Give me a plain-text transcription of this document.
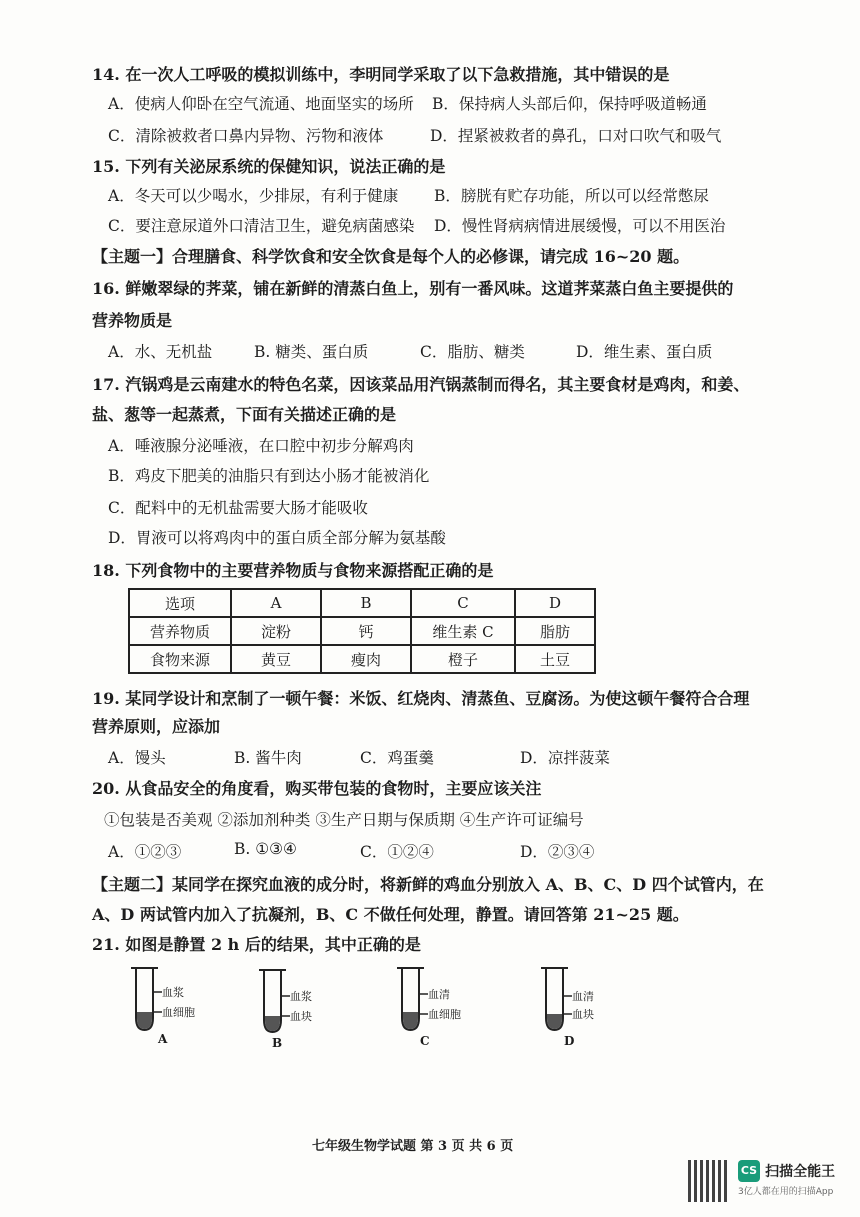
14. 在一次人工呼吸的模拟训练中，李明同学采取了以下急救措施，其中错误的是
A．使病人仰卧在空气流通、地面坚实的场所 B．保持病人头部后仰，保持呼吸道畅通
C．清除被救者口鼻内异物、污物和液体	D．捏紧被救者的鼻孔，口对口吹气和吸气
15. 下列有关泌尿系统的保健知识，说法正确的是
A．冬天可以少喝水，少排尿，有利于健康 B．膀胱有贮存功能，所以可以经常憋尿
C．要注意尿道外口清洁卫生，避免病菌感染 D．慢性肾病病情进展缓慢，可以不用医治
【主题一】合理膳食、科学饮食和安全饮食是每个人的必修课，请完成 16~20 题。
16. 鲜嫩翠绿的荠菜，铺在新鲜的清蒸白鱼上，别有一番风味。这道荠菜蒸白鱼主要提供的
营养物质是
A．水、无机盐	B. 糖类、蛋白质	C．脂肪、糖类	D．维生素、蛋白质
17. 汽锅鸡是云南建水的特色名菜，因该菜品用汽锅蒸制而得名，其主要食材是鸡肉，和姜、
盐、葱等一起蒸煮，下面有关描述正确的是
A．唾液腺分泌唾液，在口腔中初步分解鸡肉
B．鸡皮下肥美的油脂只有到达小肠才能被消化
C．配料中的无机盐需要大肠才能吸收
D．胃液可以将鸡肉中的蛋白质全部分解为氨基酸
18. 下列食物中的主要营养物质与食物来源搭配正确的是
选项	A	B	C	D
营养物质	淀粉	钙	维生素 C	脂肪
食物来源	黄豆	瘦肉	橙子	土豆
19. 某同学设计和烹制了一顿午餐：米饭、红烧肉、清蒸鱼、豆腐汤。为使这顿午餐符合合理
营养原则，应添加
A．馒头	B. 酱牛肉	C．鸡蛋羹	D．凉拌菠菜
20. 从食品安全的角度看，购买带包装的食物时，主要应该关注
①包装是否美观 ②添加剂种类 ③生产日期与保质期 ④生产许可证编号
A．①②③	B. ①③④	C．①②④	D．②③④
【主题二】某同学在探究血液的成分时，将新鲜的鸡血分别放入 A、B、C、D 四个试管内，在
A、D 两试管内加入了抗凝剂，B、C 不做任何处理，静置。请回答第 21~25 题。
21. 如图是静置 2 h 后的结果，其中正确的是
血浆
血细胞
A
血浆
血块
B
血清
血细胞
C
血清
血块
D
七年级生物学试题 第 3 页 共 6 页
CS 扫描全能王
3亿人都在用的扫描App
